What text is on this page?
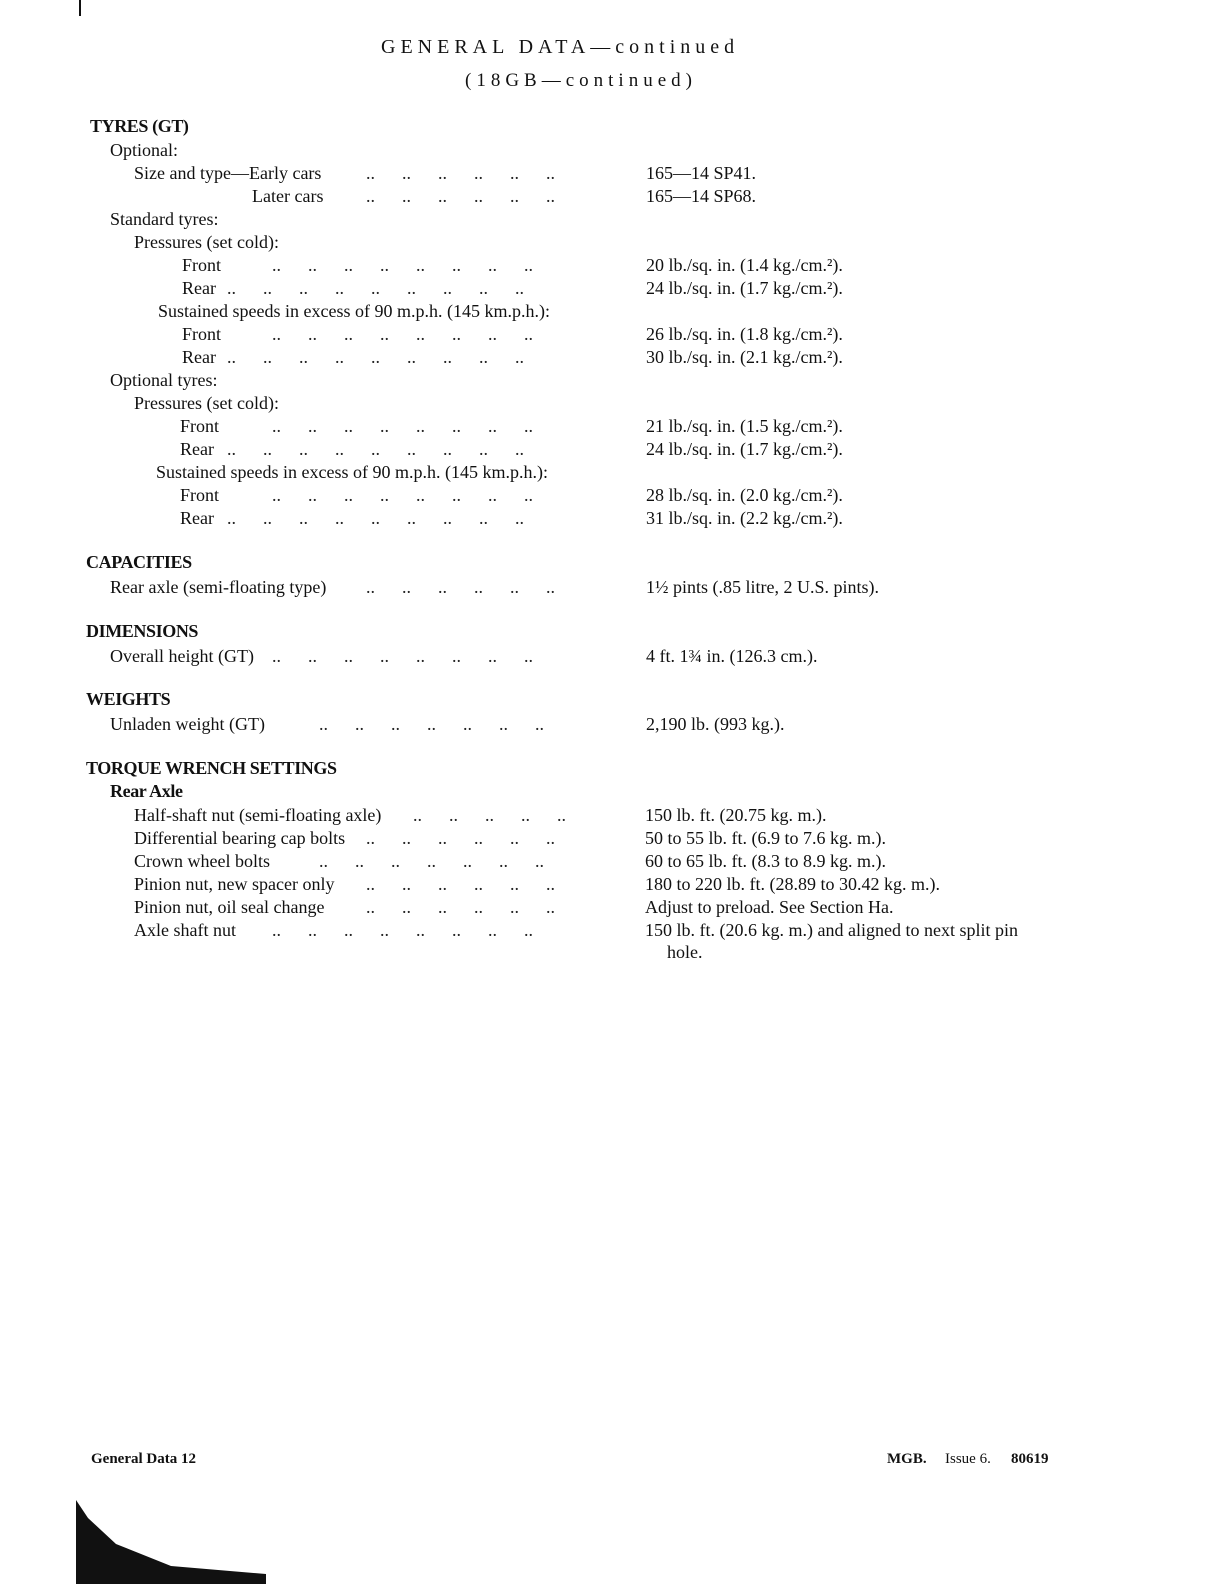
GENERAL DATA—continued
(18GB—continued)
TYRES (GT)
Optional:
Size and type—Early cars ..      ..      ..      ..      ..      ..	165—14 SP41.
Later cars ..      ..      ..      ..      ..      ..	165—14 SP68.
Standard tyres:
Pressures (set cold):
Front	..      ..      ..      ..      ..      ..      ..      ..	20 lb./sq. in. (1.4 kg./cm.²).
Rear ..      ..      ..      ..      ..      ..      ..      ..      ..	24 lb./sq. in. (1.7 kg./cm.²).
Sustained speeds in excess of 90 m.p.h. (145 km.p.h.):
Front	..      ..      ..      ..      ..      ..      ..      ..	26 lb./sq. in. (1.8 kg./cm.²).
Rear ..      ..      ..      ..      ..      ..      ..      ..      ..	30 lb./sq. in. (2.1 kg./cm.²).
Optional tyres:
Pressures (set cold):
Front	..      ..      ..      ..      ..      ..      ..      ..	21 lb./sq. in. (1.5 kg./cm.²).
Rear ..      ..      ..      ..      ..      ..      ..      ..      ..	24 lb./sq. in. (1.7 kg./cm.²).
Sustained speeds in excess of 90 m.p.h. (145 km.p.h.):
Front	..      ..      ..      ..      ..      ..      ..      ..	28 lb./sq. in. (2.0 kg./cm.²).
Rear ..      ..      ..      ..      ..      ..      ..      ..      ..	31 lb./sq. in. (2.2 kg./cm.²).
CAPACITIES
Rear axle (semi-floating type) ..      ..      ..      ..      ..      ..	1½ pints (.85 litre, 2 U.S. pints).
DIMENSIONS
Overall height (GT) ..      ..      ..      ..      ..      ..      ..      ..	4 ft. 1¾ in. (126.3 cm.).
WEIGHTS
Unladen weight (GT)	..      ..      ..      ..      ..      ..      ..	2,190 lb. (993 kg.).
TORQUE WRENCH SETTINGS
Rear Axle
Half-shaft nut (semi-floating axle) ..      ..      ..      ..      ..	150 lb. ft. (20.75 kg. m.).
Differential bearing cap bolts ..      ..      ..      ..      ..      ..	50 to 55 lb. ft. (6.9 to 7.6 kg. m.).
Crown wheel bolts	..      ..      ..      ..      ..      ..      ..	60 to 65 lb. ft. (8.3 to 8.9 kg. m.).
Pinion nut, new spacer only ..      ..      ..      ..      ..      ..	180 to 220 lb. ft. (28.89 to 30.42 kg. m.).
Pinion nut, oil seal change ..      ..      ..      ..      ..      ..	Adjust to preload. See Section Ha.
Axle shaft nut ..      ..      ..      ..      ..      ..      ..      ..	150 lb. ft. (20.6 kg. m.) and aligned to next split pin
hole.
General Data 12	MGB. Issue 6. 80619
